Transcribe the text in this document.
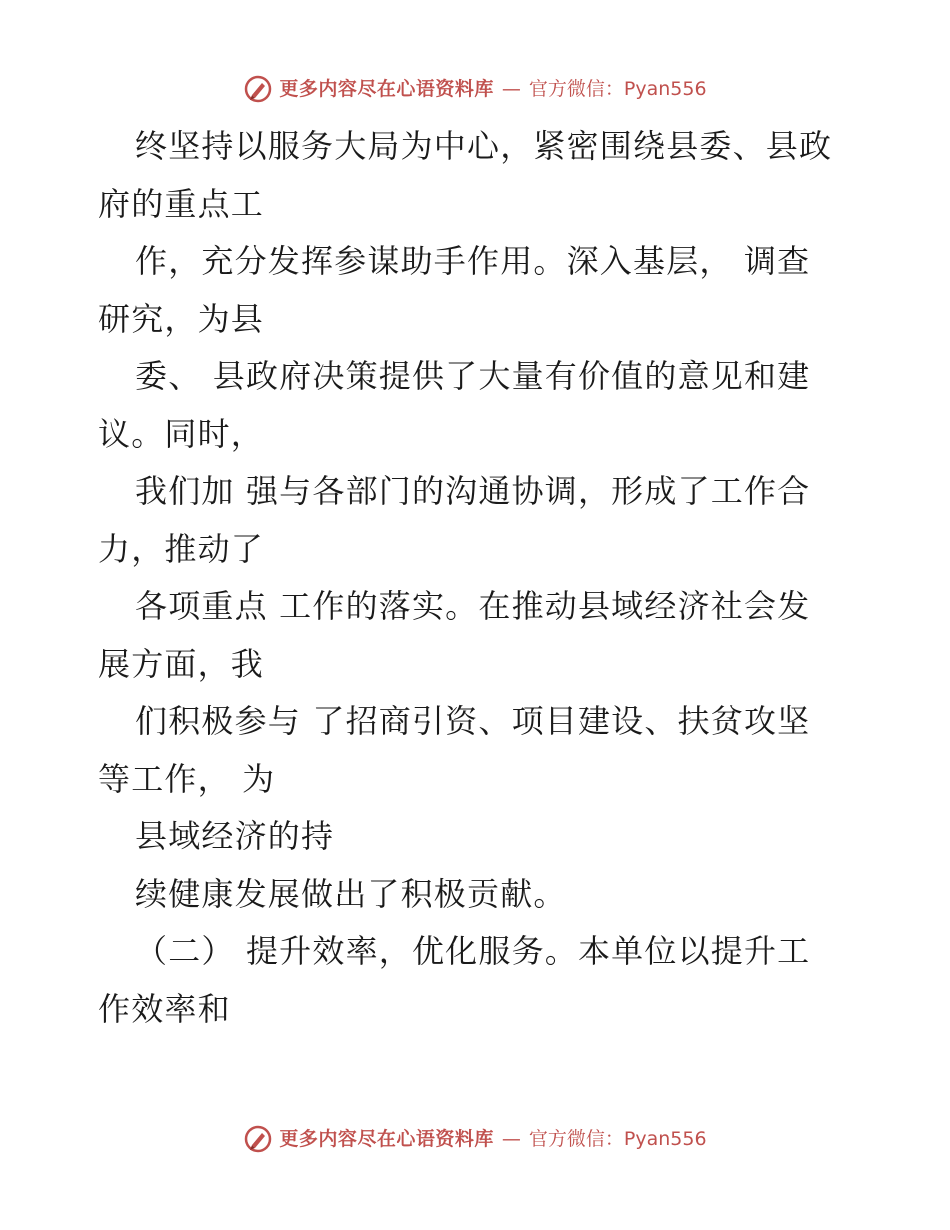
更多内容尽在心语资料库 — 官方微信：Pyan556
终坚持以服务大局为中心，紧密围绕县委、县政
府的重点工
作，充分发挥参谋助手作用。深入基层， 调查
研究，为县
委、 县政府决策提供了大量有价值的意见和建
议。同时，
我们加 强与各部门的沟通协调，形成了工作合
力，推动了
各项重点 工作的落实。在推动县域经济社会发
展方面，我
们积极参与 了招商引资、项目建设、扶贫攻坚
等工作， 为
县域经济的持
续健康发展做出了积极贡献。
（二） 提升效率，优化服务。本单位以提升工
作效率和
更多内容尽在心语资料库 — 官方微信：Pyan556
